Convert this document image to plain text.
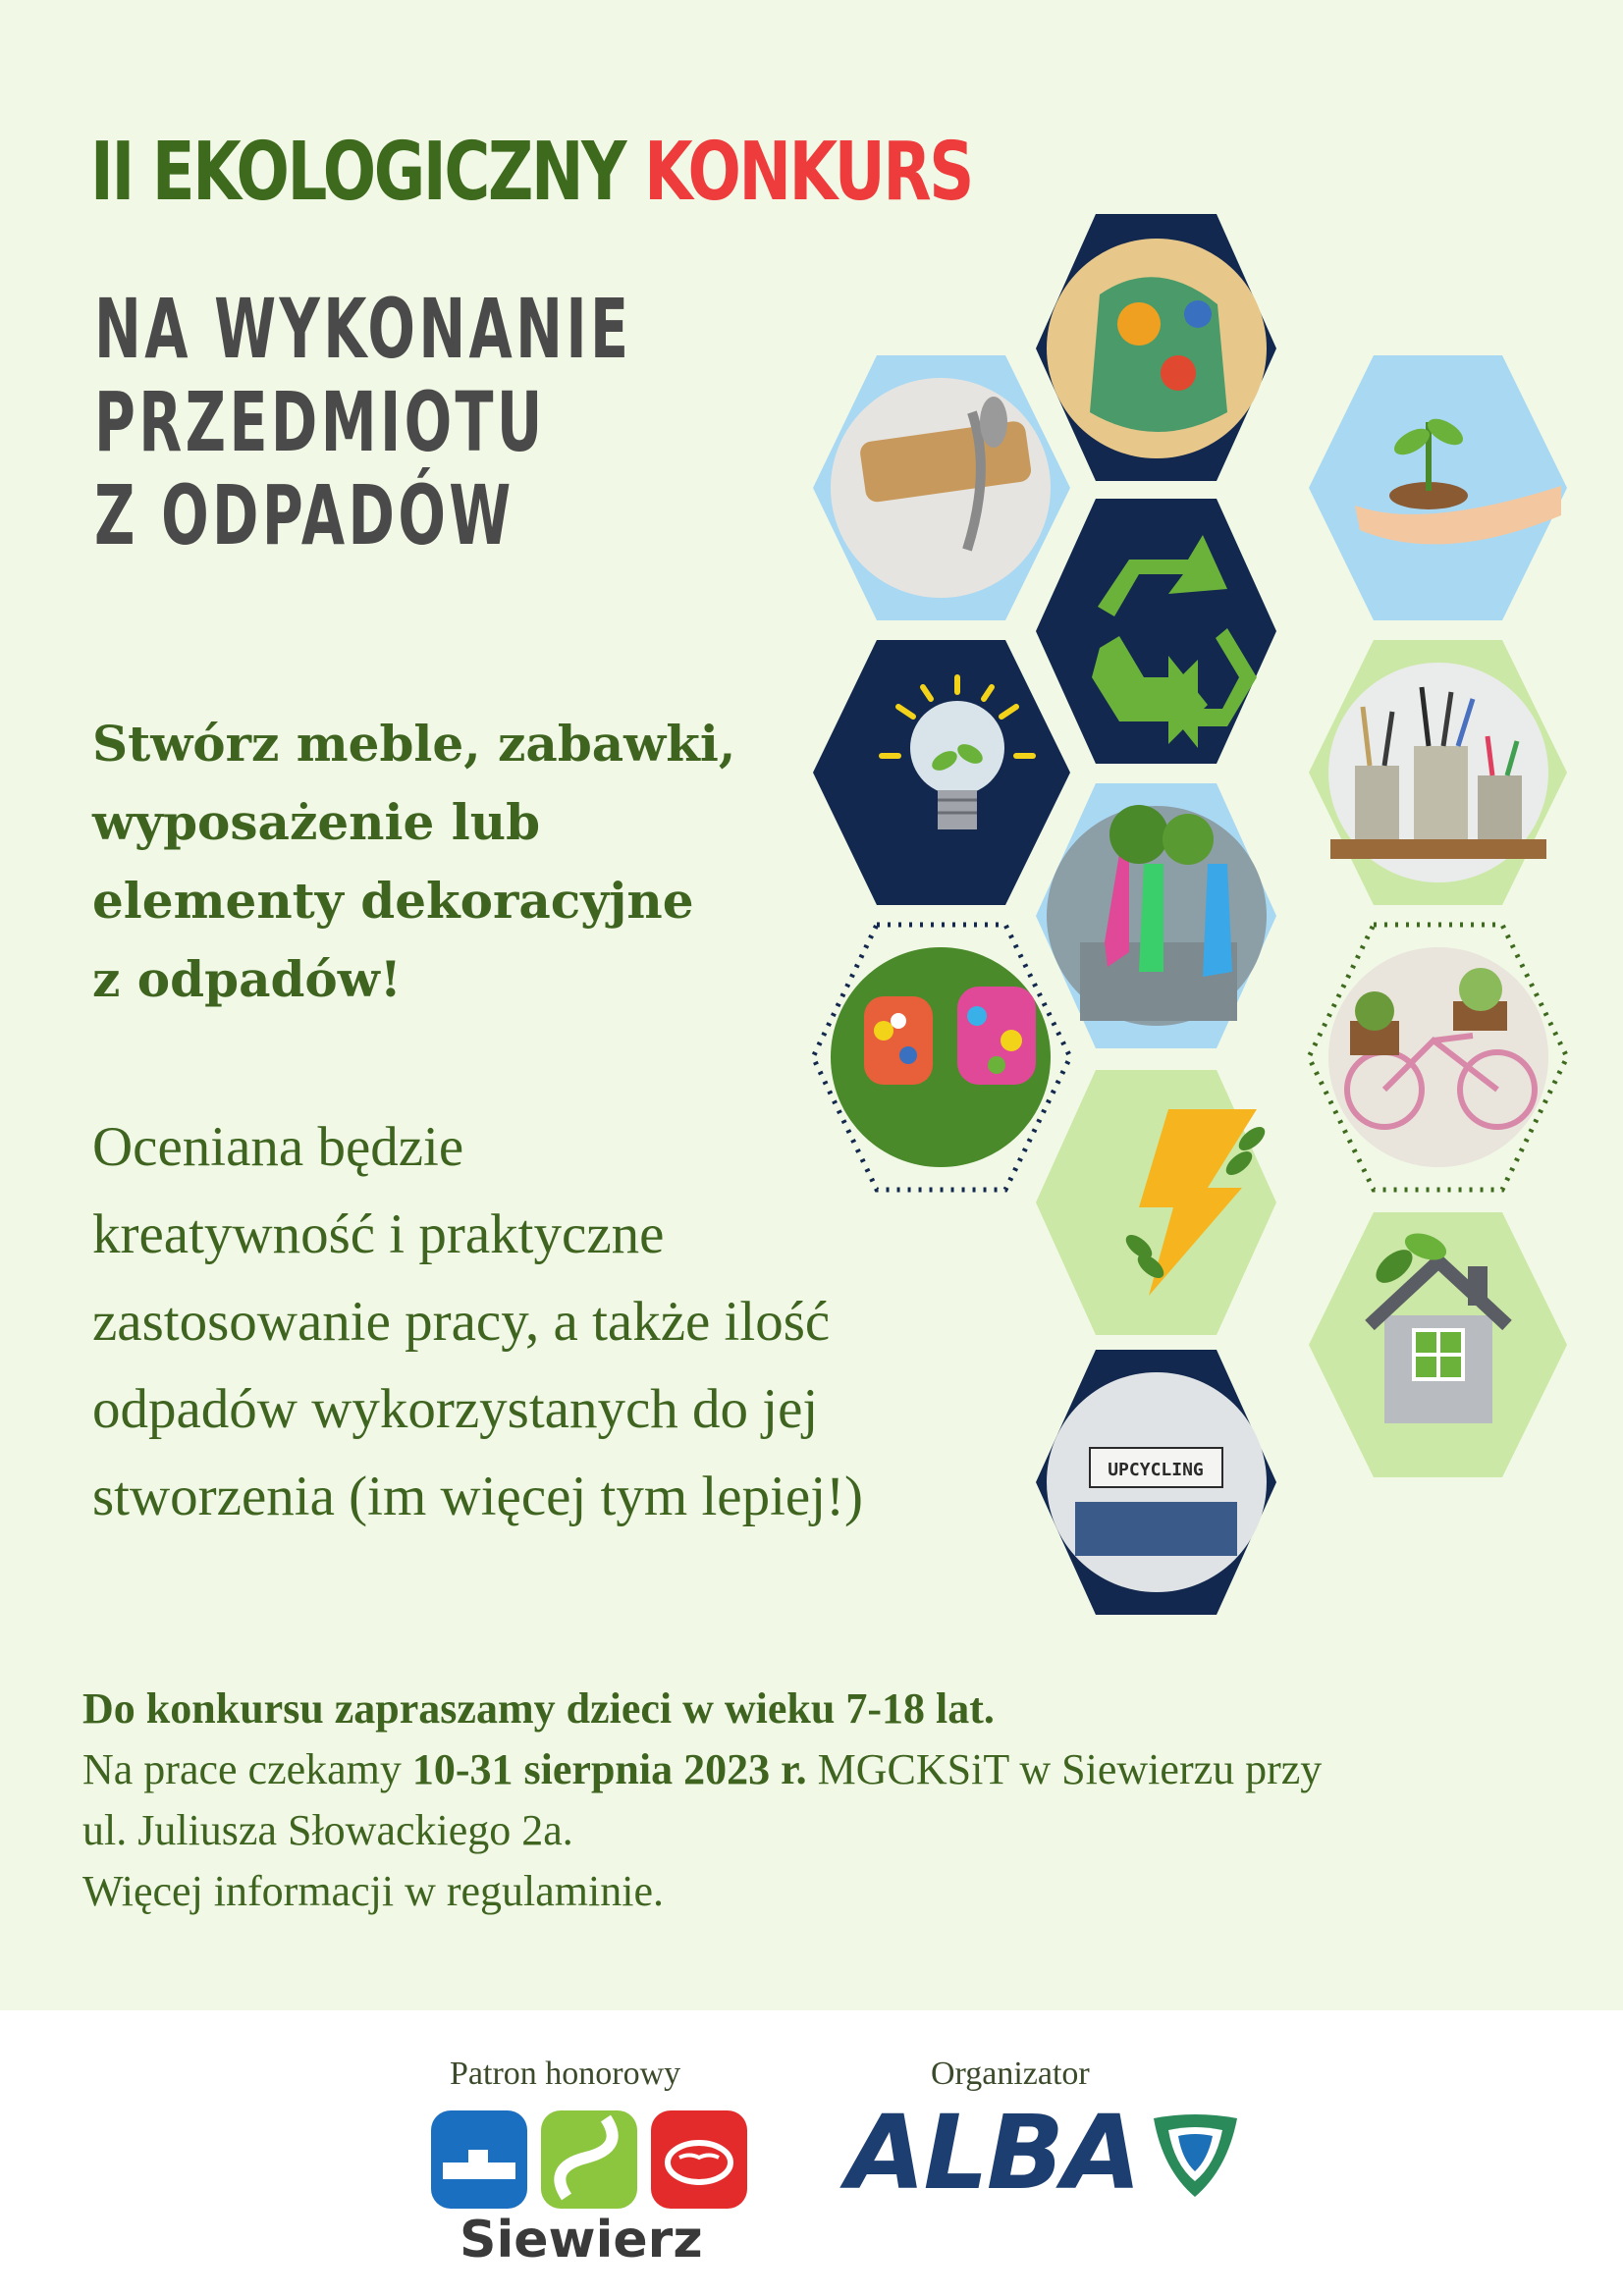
II EKOLOGICZNY KONKURS
NA WYKONANIE
PRZEDMIOTU
Z ODPADÓW
Stwórz meble, zabawki,
wyposażenie lub
elementy dekoracyjne
z odpadów!
Oceniana będzie
kreatywność i praktyczne
zastosowanie pracy, a także ilość
odpadów wykorzystanych do jej
stworzenia (im więcej tym lepiej!)	UPCYCLING
Do konkursu zapraszamy dzieci w wieku 7-18 lat.
Na prace czekamy 10-31 sierpnia 2023 r. MGCKSiT w Siewierzu przy
ul. Juliusza Słowackiego 2a.
Więcej informacji w regulaminie.
Patron honorowy	Organizator
Siewierz
ALBA
